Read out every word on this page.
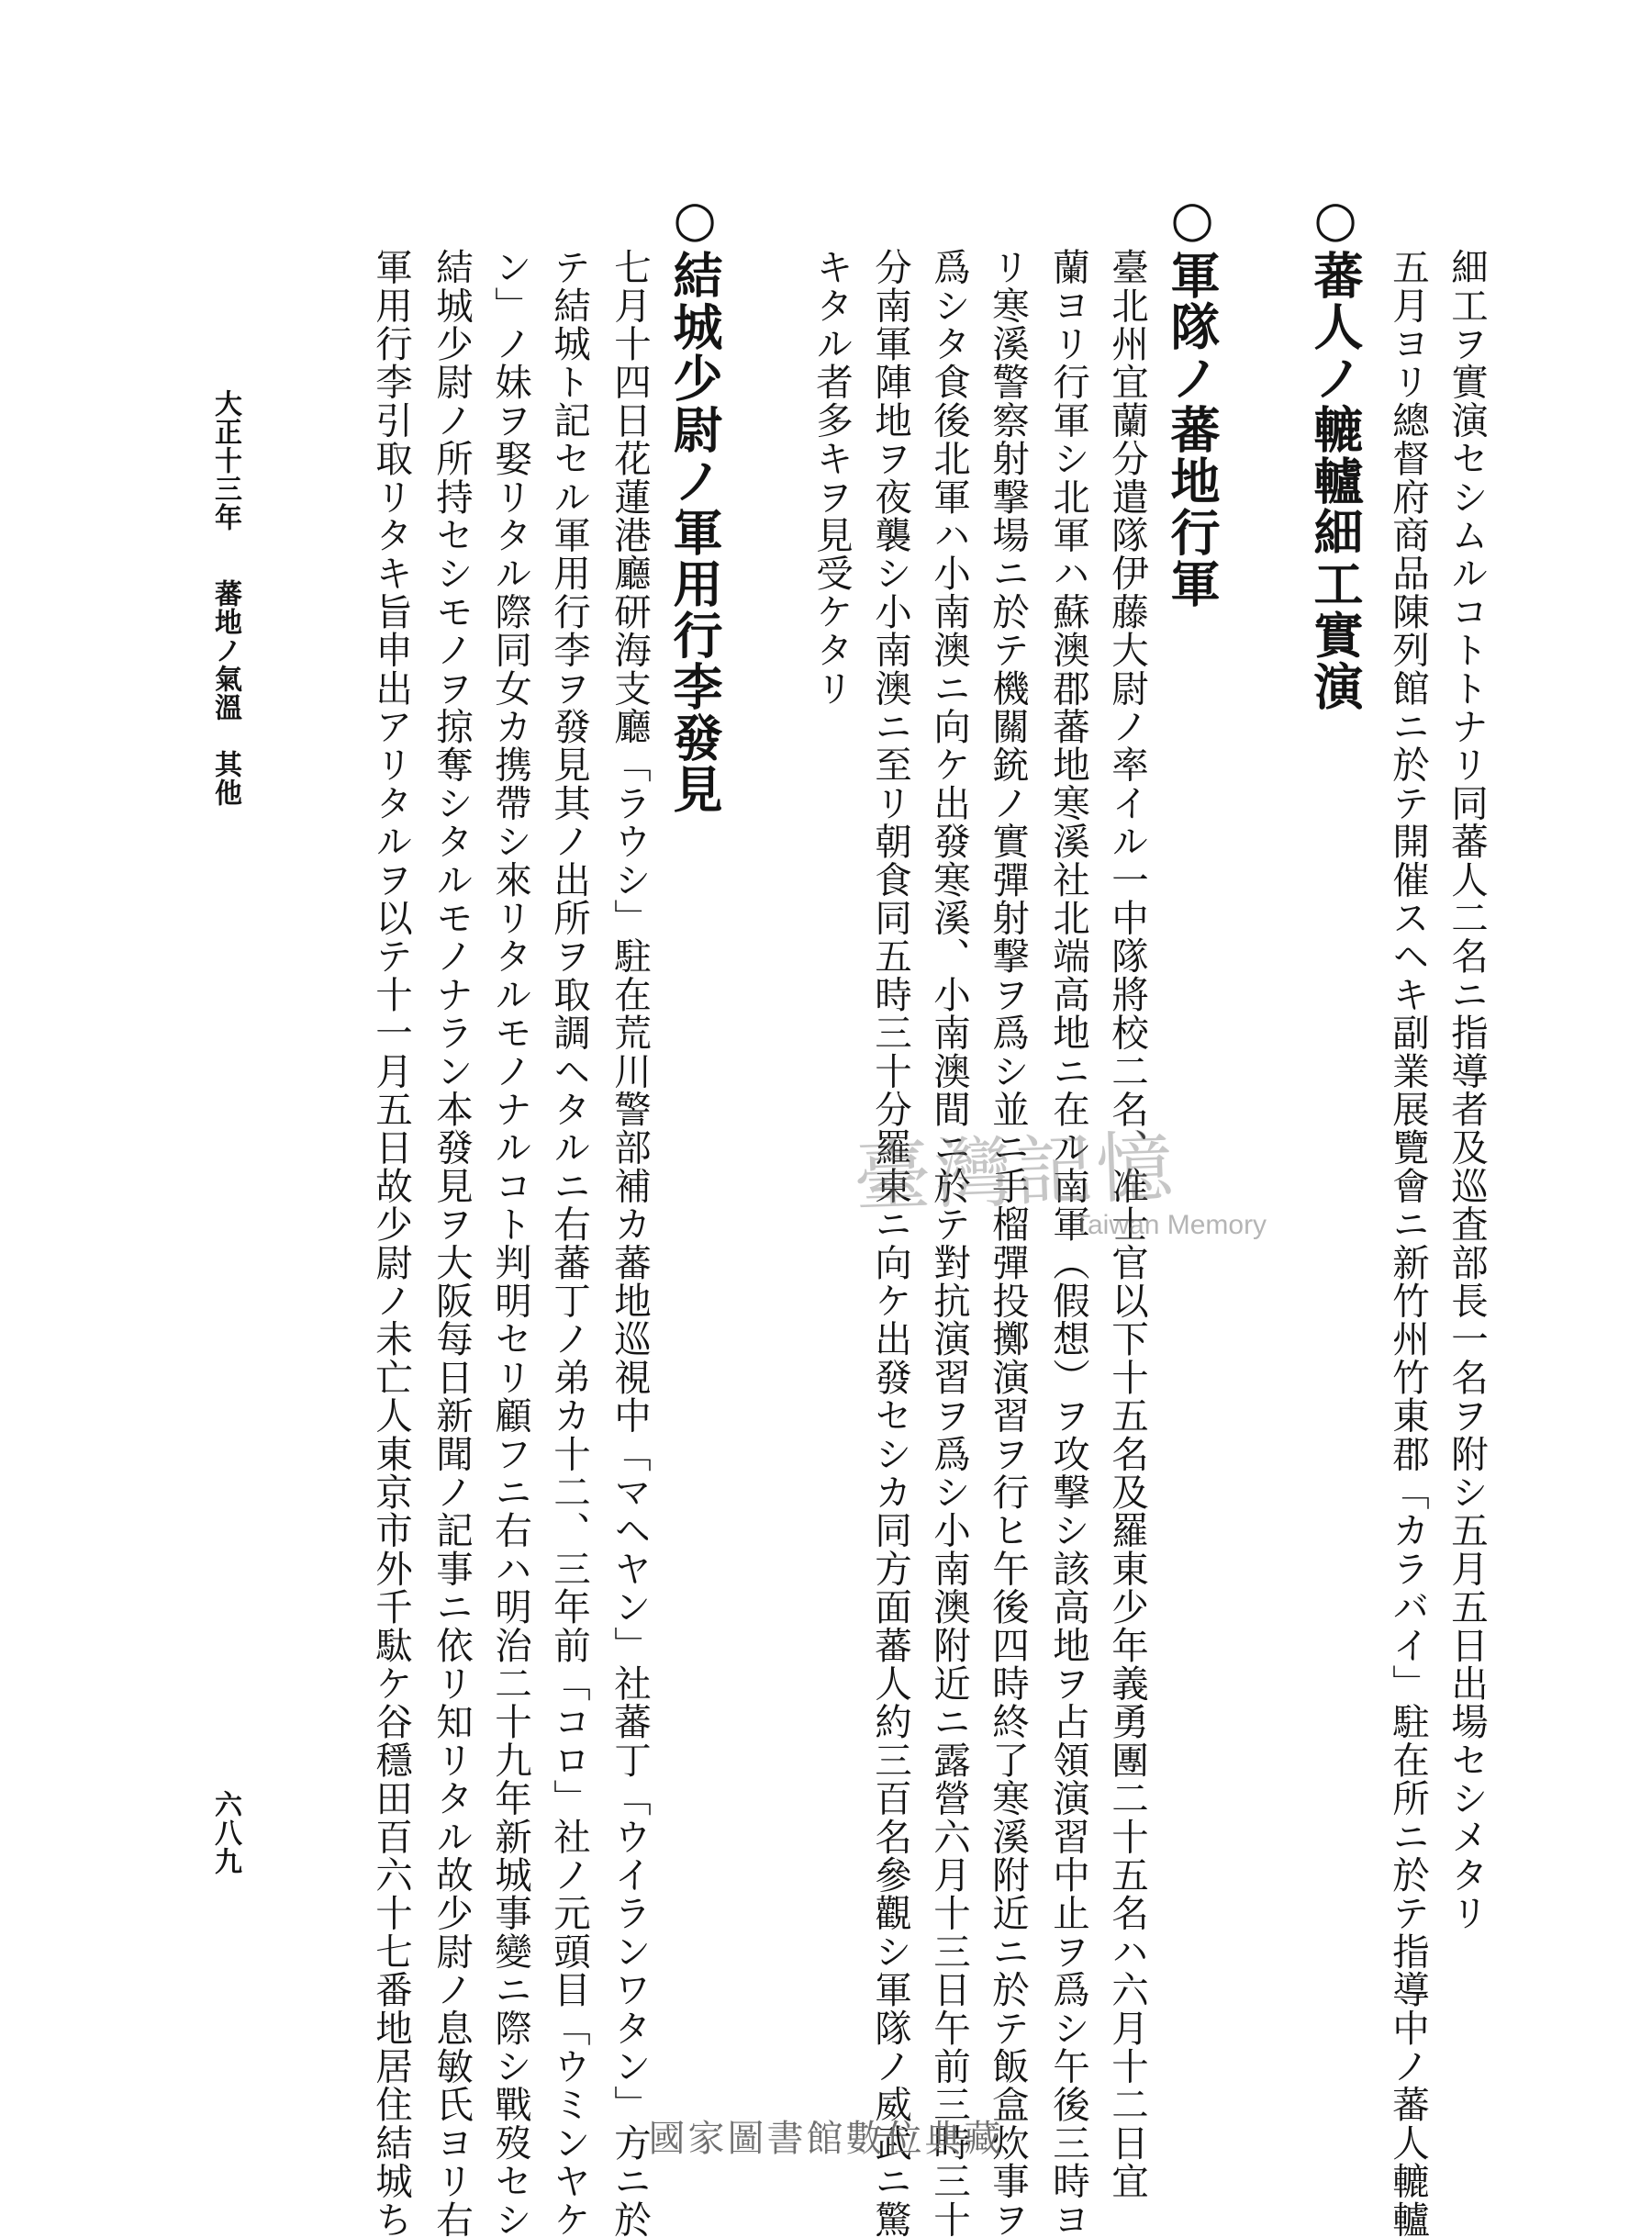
○蕃人ノ轆轤細工實演 五月ヨリ總督府商品陳列館ニ於テ開催スヘキ副業展覽會ニ新竹州竹東郡「カラバイ」駐在所ニ於テ指導中ノ蕃人轆轤 細工ヲ實演セシムルコトトナリ同蕃人二名ニ指導者及巡査部長一名ヲ附シ五月五日出場セシメタリ
○軍隊ノ蕃地行軍
臺北州宜蘭分遣隊伊藤大尉ノ率イル一中隊將校二名、准士官以下十五名及羅東少年義勇團二十五名ハ六月十二日宜
蘭ヨリ行軍シ北軍ハ蘇澳郡蕃地寒溪社北端高地ニ在ル南軍（假想）ヲ攻撃シ該高地ヲ占領演習中止ヲ爲シ午後三時ヨ
リ寒溪警察射撃場ニ於テ機關銃ノ實彈射撃ヲ爲シ並ニ手榴彈投擲演習ヲ行ヒ午後四時終了寒溪附近ニ於テ飯盒炊事ヲ
爲シタ食後北軍ハ小南澳ニ向ケ出發寒溪、小南澳間ニ於テ對抗演習ヲ爲シ小南澳附近ニ露營六月十三日午前三時三十
分南軍陣地ヲ夜襲シ小南澳ニ至リ朝食同五時三十分羅東ニ向ケ出發セシカ同方面蕃人約三百名參觀シ軍隊ノ威武ニ驚
キタル者多キヲ見受ケタリ
○結城少尉ノ軍用行李發見
七月十四日花蓮港廳研海支廳「ラウシ」駐在荒川警部補カ蕃地巡視中「マヘヤン」社蕃丁「ウイランワタン」方ニ於
テ結城ト記セル軍用行李ヲ發見其ノ出所ヲ取調ヘタルニ右蕃丁ノ弟カ十二、三年前「コロ」社ノ元頭目「ウミンヤケ
ン」ノ妹ヲ娶リタル際同女カ携帶シ來リタルモノナルコト判明セリ顧フニ右ハ明治二十九年新城事變ニ際シ戰歿セシ
結城少尉ノ所持セシモノヲ掠奪シタルモノナラン本發見ヲ大阪每日新聞ノ記事ニ依リ知リタル故少尉ノ息敏氏ヨリ右
軍用行李引取リタキ旨申出アリタルヲ以テ十一月五日故少尉ノ未亡人東京市外千駄ケ谷穩田百六十七番地居住結城ち
大正十三年蕃地ノ氣溫　其他
六八九
臺灣記憶
Taiwan Memory
國家圖書館數位典藏
